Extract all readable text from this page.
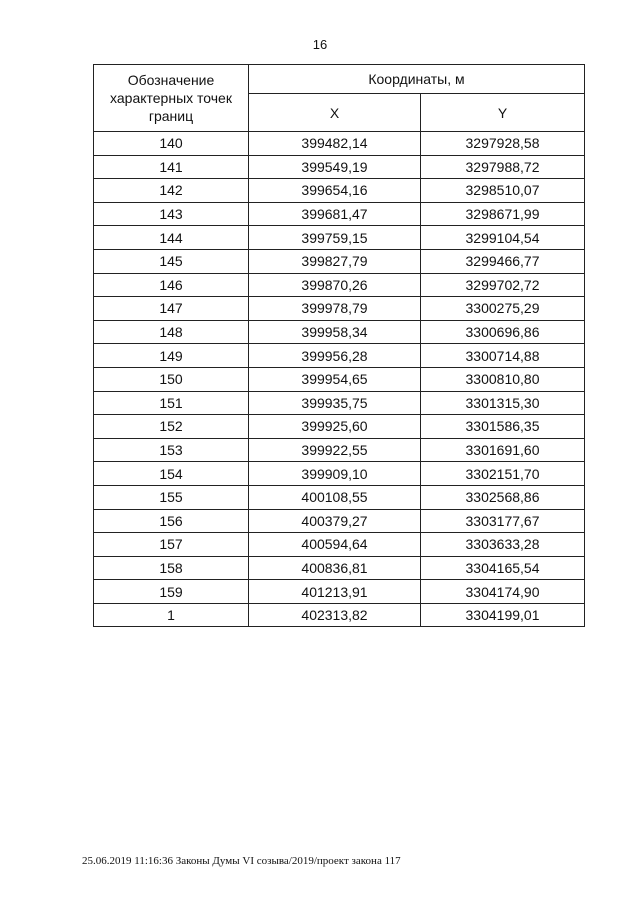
16
Обозначение характерных точек границ	Координаты, м	
	X	Y
140	399482,14	3297928,58
141	399549,19	3297988,72
142	399654,16	3298510,07
143	399681,47	3298671,99
144	399759,15	3299104,54
145	399827,79	3299466,77
146	399870,26	3299702,72
147	399978,79	3300275,29
148	399958,34	3300696,86
149	399956,28	3300714,88
150	399954,65	3300810,80
151	399935,75	3301315,30
152	399925,60	3301586,35
153	399922,55	3301691,60
154	399909,10	3302151,70
155	400108,55	3302568,86
156	400379,27	3303177,67
157	400594,64	3303633,28
158	400836,81	3304165,54
159	401213,91	3304174,90
1	402313,82	3304199,01
25.06.2019 11:16:36 Законы Думы VI созыва/2019/проект закона 117
